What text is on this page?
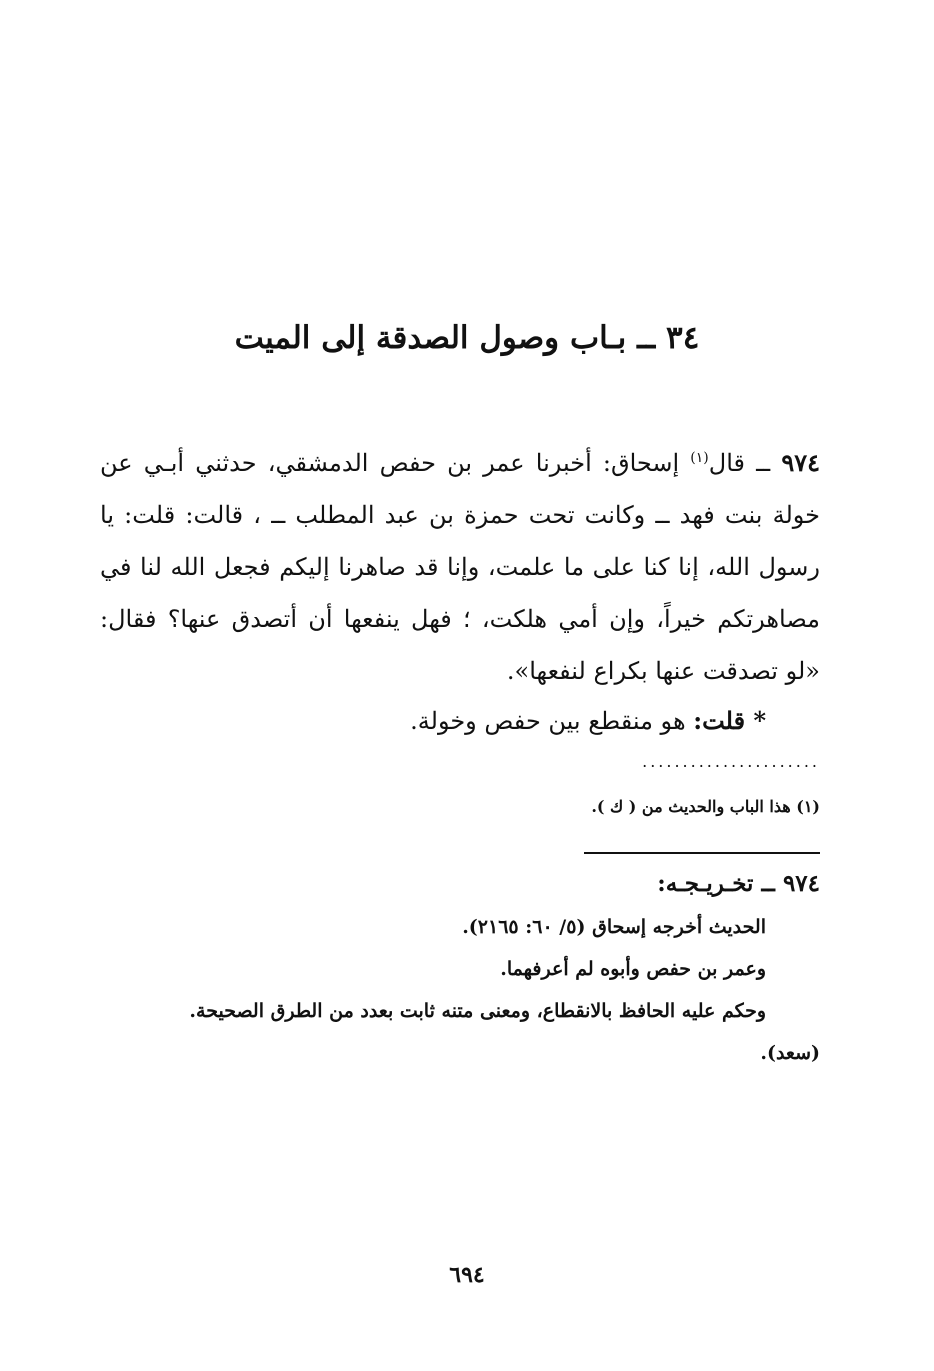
٣٤ ــ بـاب وصول الصدقة إلى الميت

٩٧٤ ــ قال$^{(١)}$ إسحاق: أخبرنا عمر بن حفص الدمشقي، حدثني أبـي عن خولة بنت فهد ــ وكانت تحت حمزة بن عبد المطلب ــ ، قالت: قلت: يا رسول الله، إنا كنا على ما علمت، وإنا قد صاهرنا إليكم فجعل الله لنا في مصاهرتكم خيراً، وإن أمي هلكت، ؛ فهل ينفعها أن أتصدق عنها؟ فقال: «لو تصدقت عنها بكراع لنفعها».

* قلت: هو منقطع بين حفص وخولة.

......................

(١) هذا الباب والحديث من ( ك ).

٩٧٤ ــ تخـريـجـه:

الحديث أخرجه إسحاق (٥/ ٦٠: ٢١٦٥).
وعمر بن حفص وأبوه لم أعرفهما.
وحكم عليه الحافظ بالانقطاع، ومعنى متنه ثابت بعدد من الطرق الصحيحة.
(سعد).

٦٩٤
